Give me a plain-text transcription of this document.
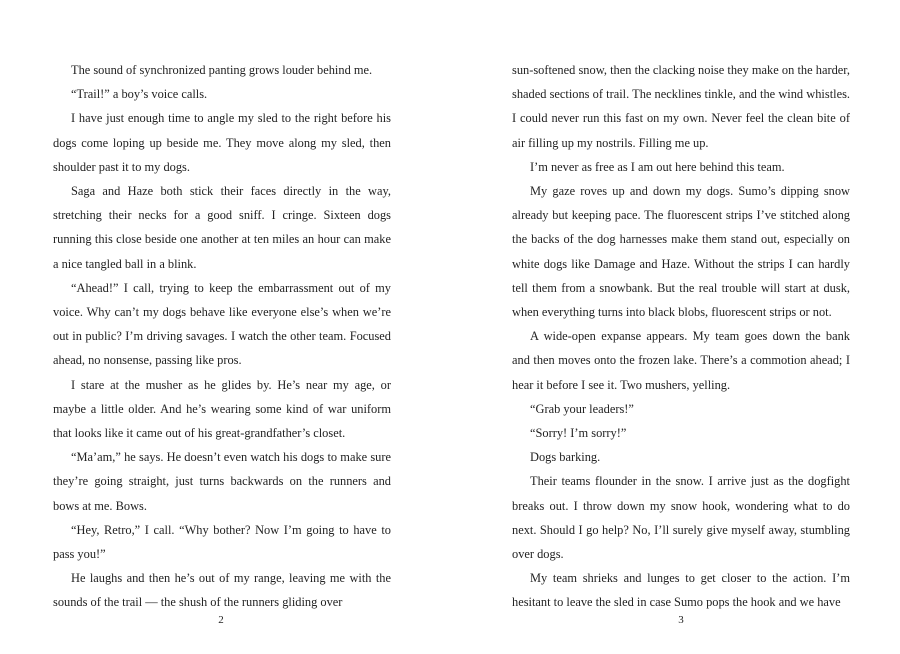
The sound of synchronized panting grows louder behind me.

“Trail!” a boy’s voice calls.

I have just enough time to angle my sled to the right before his dogs come loping up beside me. They move along my sled, then shoulder past it to my dogs.

Saga and Haze both stick their faces directly in the way, stretching their necks for a good sniff. I cringe. Sixteen dogs running this close beside one another at ten miles an hour can make a nice tangled ball in a blink.

“Ahead!” I call, trying to keep the embarrassment out of my voice. Why can’t my dogs behave like everyone else’s when we’re out in public? I’m driving savages. I watch the other team. Focused ahead, no nonsense, passing like pros.

I stare at the musher as he glides by. He’s near my age, or maybe a little older. And he’s wearing some kind of war uniform that looks like it came out of his great-grandfather’s closet.

“Ma’am,” he says. He doesn’t even watch his dogs to make sure they’re going straight, just turns backwards on the runners and bows at me. Bows.

“Hey, Retro,” I call. “Why bother? Now I’m going to have to pass you!”

He laughs and then he’s out of my range, leaving me with the sounds of the trail — the shush of the runners gliding over

2

sun-softened snow, then the clacking noise they make on the harder, shaded sections of trail. The necklines tinkle, and the wind whistles. I could never run this fast on my own. Never feel the clean bite of air filling up my nostrils. Filling me up.

I’m never as free as I am out here behind this team.

My gaze roves up and down my dogs. Sumo’s dipping snow already but keeping pace. The fluorescent strips I’ve stitched along the backs of the dog harnesses make them stand out, especially on white dogs like Damage and Haze. Without the strips I can hardly tell them from a snowbank. But the real trouble will start at dusk, when everything turns into black blobs, fluorescent strips or not.

A wide-open expanse appears. My team goes down the bank and then moves onto the frozen lake. There’s a commotion ahead; I hear it before I see it. Two mushers, yelling.

“Grab your leaders!”

“Sorry! I’m sorry!”

Dogs barking.

Their teams flounder in the snow. I arrive just as the dogfight breaks out. I throw down my snow hook, wondering what to do next. Should I go help? No, I’ll surely give myself away, stumbling over dogs.

My team shrieks and lunges to get closer to the action. I’m hesitant to leave the sled in case Sumo pops the hook and we have

3
